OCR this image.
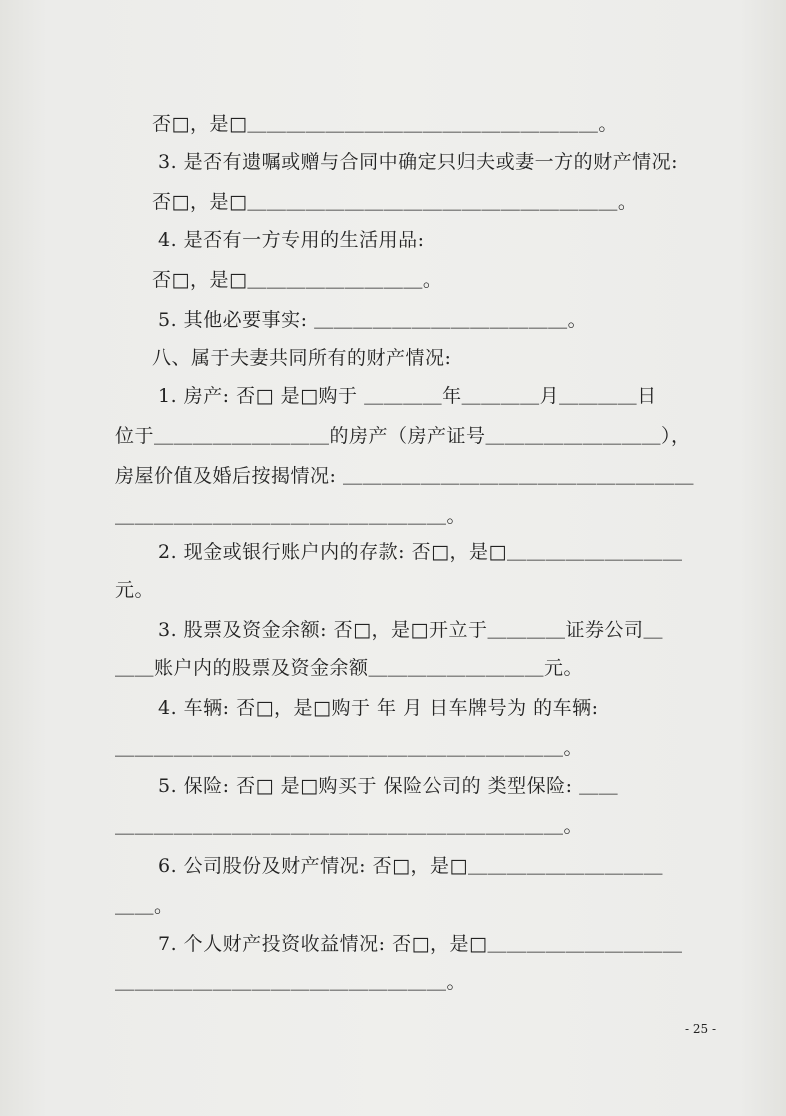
否□，是□＿＿＿＿＿＿＿＿＿＿＿＿＿＿＿＿＿＿。
3. 是否有遗嘱或赠与合同中确定只归夫或妻一方的财产情况:
否□，是□＿＿＿＿＿＿＿＿＿＿＿＿＿＿＿＿＿＿＿。
4. 是否有一方专用的生活用品:
否□，是□＿＿＿＿＿＿＿＿＿。
5. 其他必要事实: ＿＿＿＿＿＿＿＿＿＿＿＿＿。
八、属于夫妻共同所有的财产情况:
1. 房产: 否□ 是□购于 ＿＿＿＿年＿＿＿＿月＿＿＿＿日
位于＿＿＿＿＿＿＿＿＿的房产（房产证号＿＿＿＿＿＿＿＿＿），
房屋价值及婚后按揭情况: ＿＿＿＿＿＿＿＿＿＿＿＿＿＿＿＿＿＿
＿＿＿＿＿＿＿＿＿＿＿＿＿＿＿＿＿。
2. 现金或银行账户内的存款: 否□，是□＿＿＿＿＿＿＿＿＿
元。
3. 股票及资金余额: 否□，是□开立于＿＿＿＿证券公司＿
＿＿账户内的股票及资金余额＿＿＿＿＿＿＿＿＿元。
4. 车辆: 否□，是□购于 年 月 日车牌号为 的车辆:
＿＿＿＿＿＿＿＿＿＿＿＿＿＿＿＿＿＿＿＿＿＿＿。
5. 保险: 否□ 是□购买于 保险公司的 类型保险: ＿＿
＿＿＿＿＿＿＿＿＿＿＿＿＿＿＿＿＿＿＿＿＿＿＿。
6. 公司股份及财产情况: 否□，是□＿＿＿＿＿＿＿＿＿＿
＿＿。
7. 个人财产投资收益情况: 否□，是□＿＿＿＿＿＿＿＿＿＿
＿＿＿＿＿＿＿＿＿＿＿＿＿＿＿＿＿。
- 25 -
